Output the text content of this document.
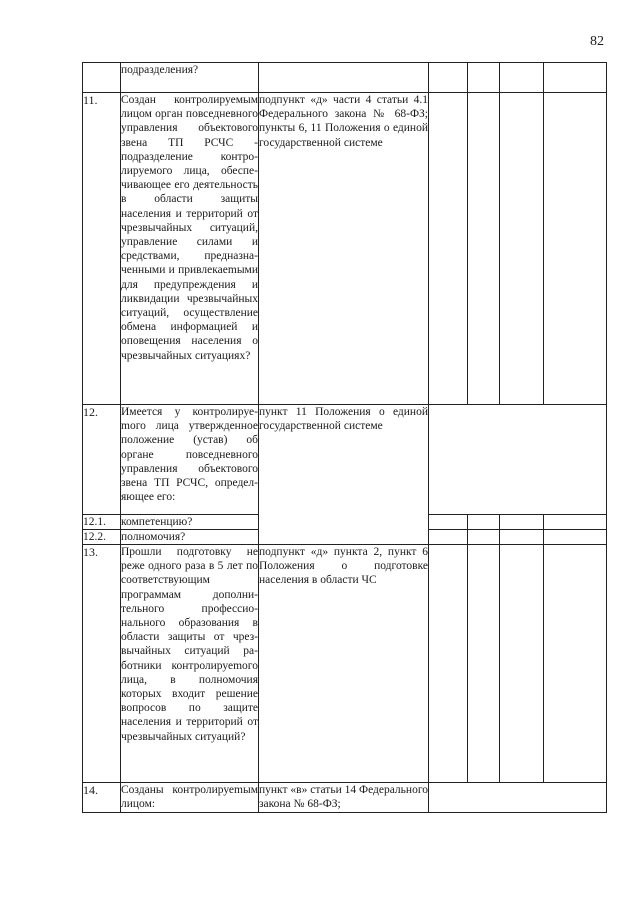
82
	подразделения?					
11.	Создан контролируемым лицом орган повседневного управления объектового звена ТП РСЧС - подразделение контролируемого лица, обеспечивающее его деятельность в области защиты населения и территорий от чрезвычайных ситуаций, управление силами и средствами, предназначенными и привлекаеmыми для предупреждения и ликвидации чрезвычайных ситуаций, осуществление обмена информацией и оповещения населения о чрезвычайных ситуациях?	подпункт «д» части 4 статьи 4.1 Федерального закона № 68-ФЗ; пункты 6, 11 Положения о единой государственной системе				
12.	Имеется у контролируеmого лица утвержденное положение (устав) об органе повседневного управления объектового звена ТП РСЧС, определяющее его:	пункт 11 Положения о единой государственной системе				
12.1.	компетенцию?					
12.2.	полномочия?					
13.	Прошли подготовку не реже одного раза в 5 лет по соответствующим программам дополнительного профессионального образования в области защиты от чрезвычайных ситуаций работники контролируеmого лица, в полномочия которых входит решение вопросов по защите населения и территорий от чрезвычайных ситуаций?	подпункт «д» пункта 2, пункт 6 Положения о подготовке населения в области ЧС				
14.	Созданы контролируеmым лицом:	пункт «в» статьи 14 Федерального закона № 68-ФЗ;				
